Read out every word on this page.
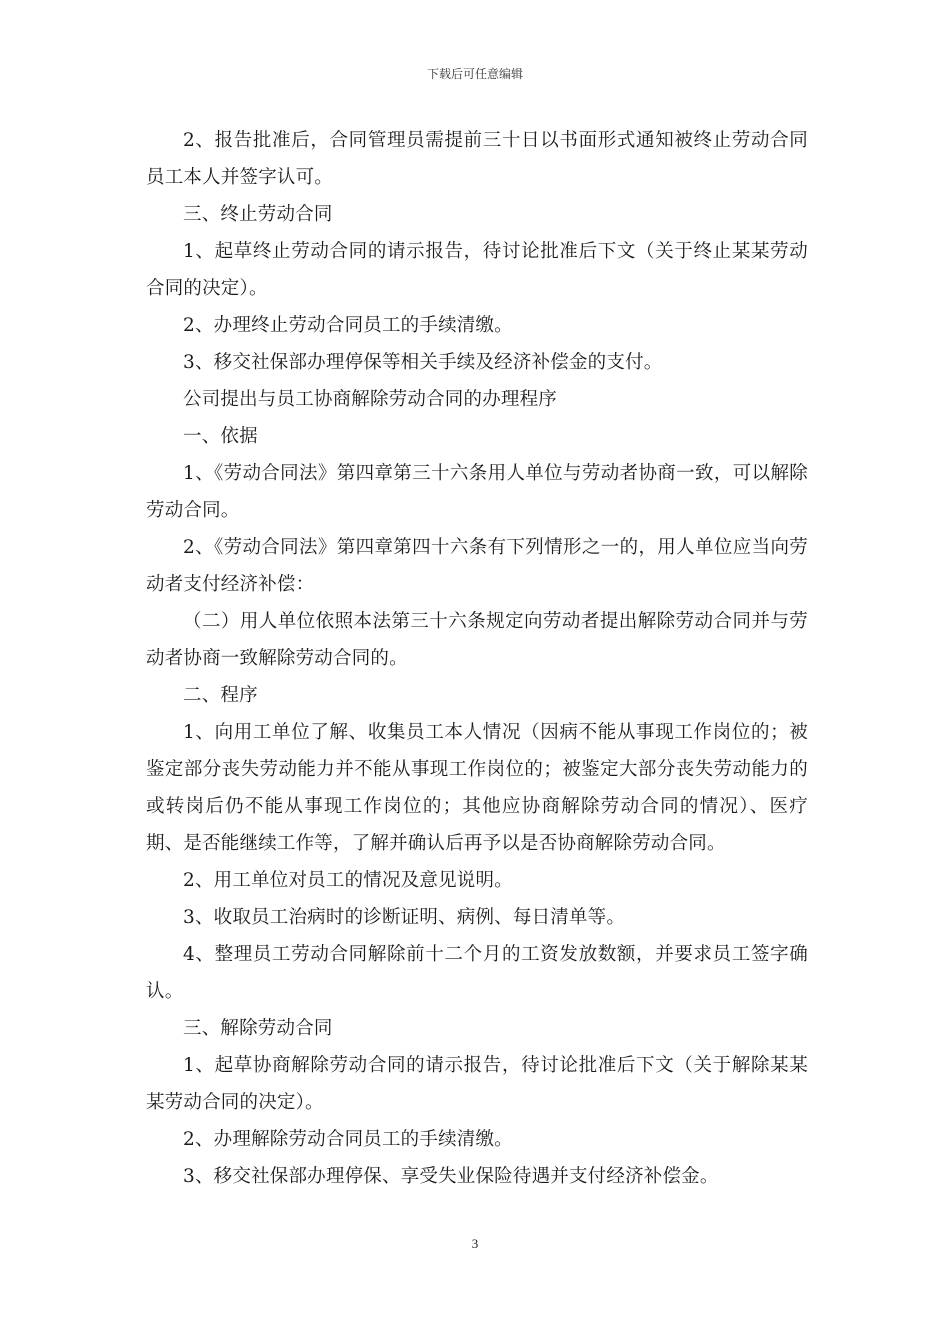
下载后可任意编辑

2、报告批准后，合同管理员需提前三十日以书面形式通知被终止劳动合同员工本人并签字认可。

三、终止劳动合同

1、起草终止劳动合同的请示报告，待讨论批准后下文（关于终止某某劳动合同的决定）。

2、办理终止劳动合同员工的手续清缴。

3、移交社保部办理停保等相关手续及经济补偿金的支付。

公司提出与员工协商解除劳动合同的办理程序

一、依据

1、《劳动合同法》第四章第三十六条用人单位与劳动者协商一致，可以解除劳动合同。

2、《劳动合同法》第四章第四十六条有下列情形之一的，用人单位应当向劳动者支付经济补偿：

（二）用人单位依照本法第三十六条规定向劳动者提出解除劳动合同并与劳动者协商一致解除劳动合同的。

二、程序

1、向用工单位了解、收集员工本人情况（因病不能从事现工作岗位的；被鉴定部分丧失劳动能力并不能从事现工作岗位的；被鉴定大部分丧失劳动能力的或转岗后仍不能从事现工作岗位的；其他应协商解除劳动合同的情况）、医疗期、是否能继续工作等，了解并确认后再予以是否协商解除劳动合同。

2、用工单位对员工的情况及意见说明。

3、收取员工治病时的诊断证明、病例、每日清单等。

4、整理员工劳动合同解除前十二个月的工资发放数额，并要求员工签字确认。

三、解除劳动合同

1、起草协商解除劳动合同的请示报告，待讨论批准后下文（关于解除某某某劳动合同的决定）。

2、办理解除劳动合同员工的手续清缴。

3、移交社保部办理停保、享受失业保险待遇并支付经济补偿金。

3
